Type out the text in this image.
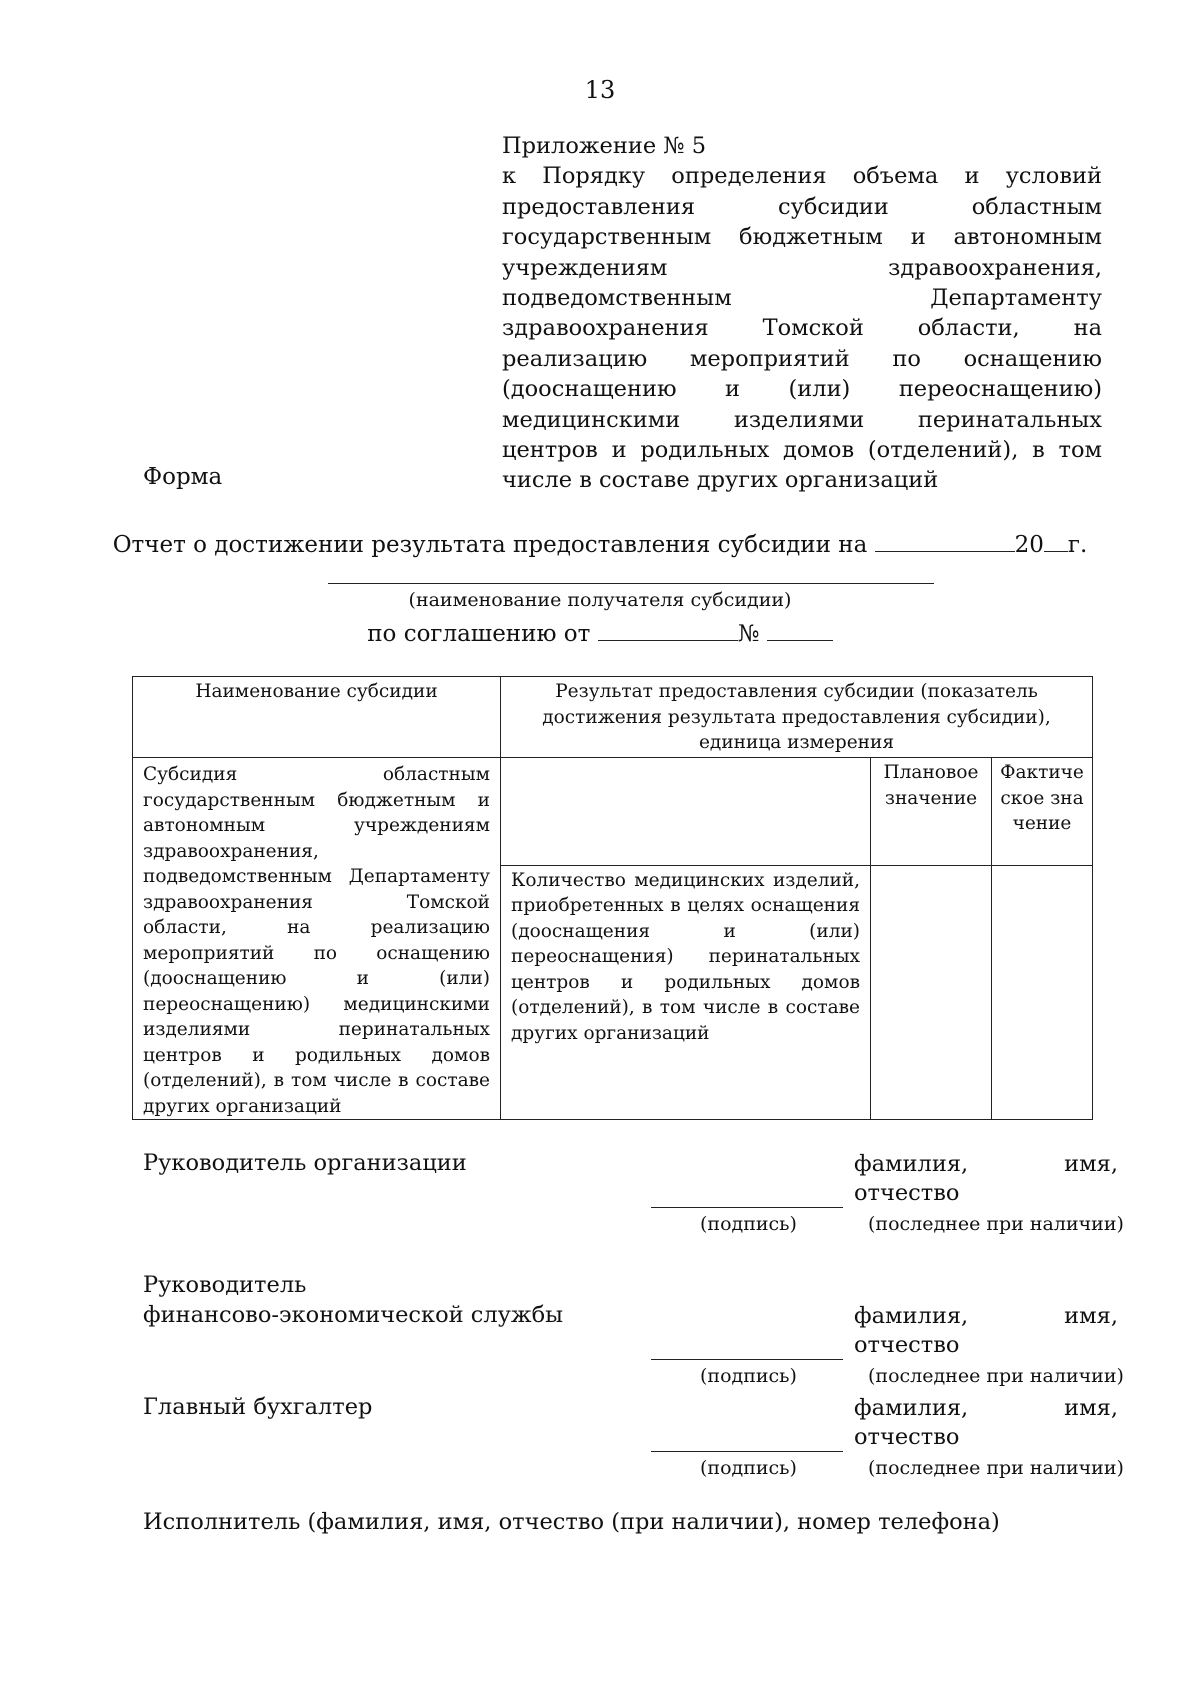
13
Приложение № 5
к Порядку определения объема и условий предоставления субсидии областным государственным бюджетным и автономным учреждениям здравоохранения, подведомственным Департаменту здравоохранения Томской области, на реализацию мероприятий по оснащению (дооснащению и (или) переоснащению) медицинскими изделиями перинатальных центров и родильных домов (отделений), в том числе в составе других организаций
Форма
Отчет о достижении результата предоставления субсидии на	20 г.
(наименование получателя субсидии)
по соглашению от	№
Наименование субсидии	Результат предоставления субсидии (показатель достижения результата предоставления субсидии), единица измерения		
Субсидия областным государственным бюджетным и автономным учреждениям здравоохранения, подведомственным Департаменту здравоохранения Томской области, на реализацию мероприятий по оснащению (дооснащению и (или) переоснащению) медицинскими изделиями перинатальных центров и родильных домов (отделений), в том числе в составе других организаций		Плановое значение	Фактическое значение
	Количество медицинских изделий, приобретенных в целях оснащения (дооснащения и (или) переоснащения) перинатальных центров и родильных домов (отделений), в том числе в составе других организаций		
Руководитель организации	фамилия,	имя,
отчество
(подпись)	(последнее при наличии)
Руководитель
финансово-экономической службы	фамилия,	имя,
отчество
(подпись)	(последнее при наличии)
Главный бухгалтер	фамилия,	имя,
отчество
(подпись)	(последнее при наличии)
Исполнитель (фамилия, имя, отчество (при наличии), номер телефона)
